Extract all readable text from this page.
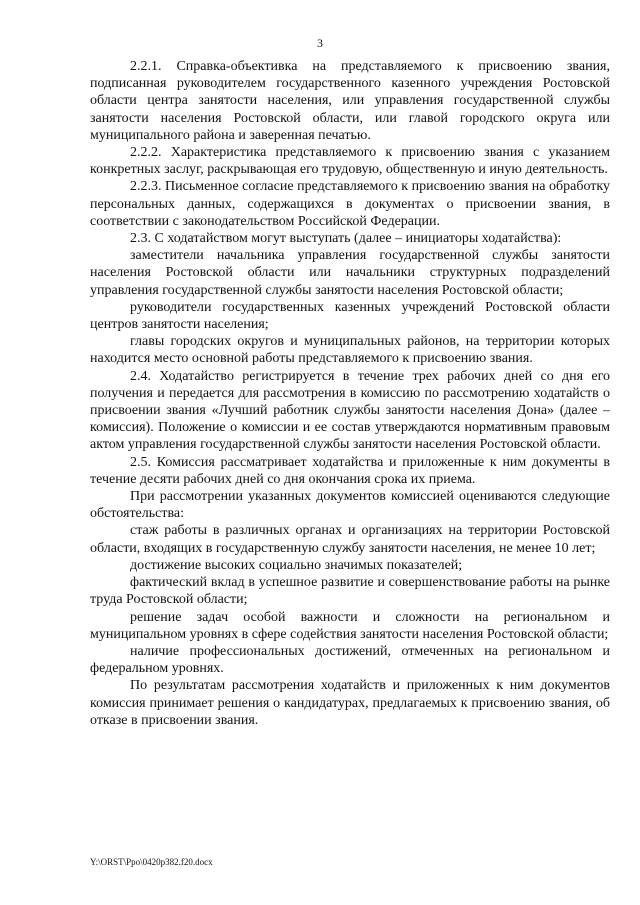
3

2.2.1. Справка-объективка на представляемого к присвоению звания, подписанная руководителем государственного казенного учреждения Ростовской области центра занятости населения, или управления государственной службы занятости населения Ростовской области, или главой городского округа или муниципального района и заверенная печатью.

2.2.2. Характеристика представляемого к присвоению звания с указанием конкретных заслуг, раскрывающая его трудовую, общественную и иную деятельность.

2.2.3. Письменное согласие представляемого к присвоению звания на обработку персональных данных, содержащихся в документах о присвоении звания, в соответствии с законодательством Российской Федерации.

2.3. С ходатайством могут выступать (далее – инициаторы ходатайства):

заместители начальника управления государственной службы занятости населения Ростовской области или начальники структурных подразделений управления государственной службы занятости населения Ростовской области;

руководители государственных казенных учреждений Ростовской области центров занятости населения;

главы городских округов и муниципальных районов, на территории которых находится место основной работы представляемого к присвоению звания.

2.4. Ходатайство регистрируется в течение трех рабочих дней со дня его получения и передается для рассмотрения в комиссию по рассмотрению ходатайств о присвоении звания «Лучший работник службы занятости населения Дона» (далее – комиссия). Положение о комиссии и ее состав утверждаются нормативным правовым актом управления государственной службы занятости населения Ростовской области.

2.5. Комиссия рассматривает ходатайства и приложенные к ним документы в течение десяти рабочих дней со дня окончания срока их приема.

При рассмотрении указанных документов комиссией оцениваются следующие обстоятельства:

стаж работы в различных органах и организациях на территории Ростовской области, входящих в государственную службу занятости населения, не менее 10 лет;

достижение высоких социально значимых показателей;

фактический вклад в успешное развитие и совершенствование работы на рынке труда Ростовской области;

решение задач особой важности и сложности на региональном и муниципальном уровнях в сфере содействия занятости населения Ростовской области;

наличие профессиональных достижений, отмеченных на региональном и федеральном уровнях.

По результатам рассмотрения ходатайств и приложенных к ним документов комиссия принимает решения о кандидатурах, предлагаемых к присвоению звания, об отказе в присвоении звания.

Y:\ORST\Ppo\0420p382.f20.docx
